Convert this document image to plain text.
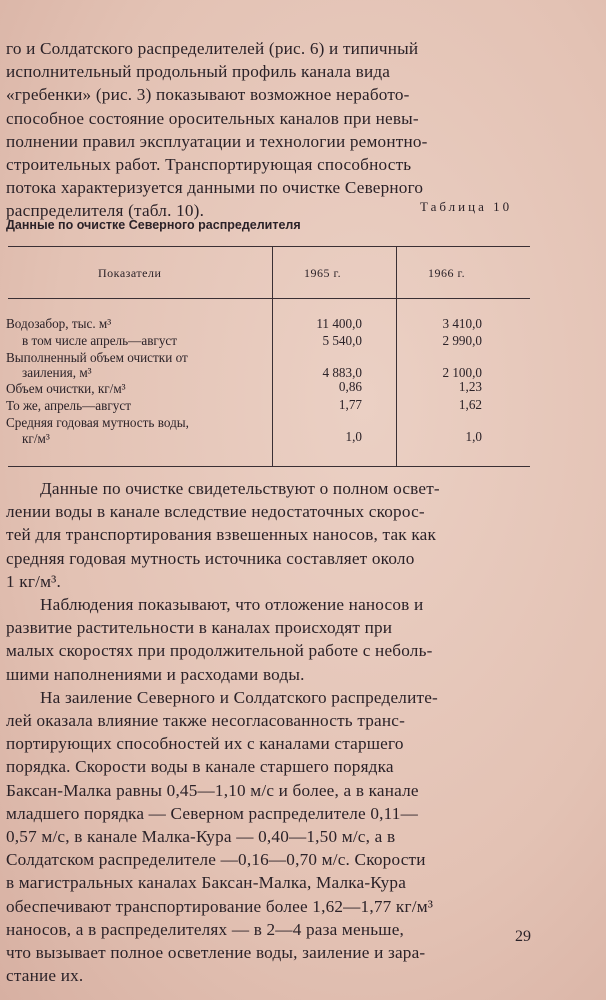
го и Солдатского распределителей (рис. 6) и типичный
исполнительный продольный профиль канала вида
«гребенки» (рис. 3) показывают возможное неработо-
способное состояние оросительных каналов при невы-
полнении правил эксплуатации и технологии ремонтно-
строительных работ. Транспортирующая способность
потока характеризуется данными по очистке Северного
распределителя (табл. 10).	Таблица 10
Данные по очистке Северного распределителя
Показатели	1965 г.	1966 г.
Водозабор, тыс. м³	11 400,0	3 410,0
в том числе апрель—август	5 540,0	2 990,0
Выполненный объем очистки от
заиления, м³	4 883,0	2 100,0
Объем очистки, кг/м³	0,86	1,23
То же, апрель—август	1,77	1,62
Средняя годовая мутность воды,
кг/м³	1,0	1,0
Данные по очистке свидетельствуют о полном освет-
лении воды в канале вследствие недостаточных скорос-
тей для транспортирования взвешенных наносов, так как
средняя годовая мутность источника составляет около
1 кг/м³.
Наблюдения показывают, что отложение наносов и
развитие растительности в каналах происходят при
малых скоростях при продолжительной работе с неболь-
шими наполнениями и расходами воды.
На заиление Северного и Солдатского распределите-
лей оказала влияние также несогласованность транс-
портирующих способностей их с каналами старшего
порядка. Скорости воды в канале старшего порядка
Баксан-Малка равны 0,45—1,10 м/с и более, а в канале
младшего порядка — Северном распределителе 0,11—
0,57 м/с, в канале Малка-Кура — 0,40—1,50 м/с, а в
Солдатском распределителе —0,16—0,70 м/с. Скорости
в магистральных каналах Баксан-Малка, Малка-Кура
обеспечивают транспортирование более 1,62—1,77 кг/м³
наносов, а в распределителях — в 2—4 раза меньше,
что вызывает полное осветление воды, заиление и зара-
стание их.
29
